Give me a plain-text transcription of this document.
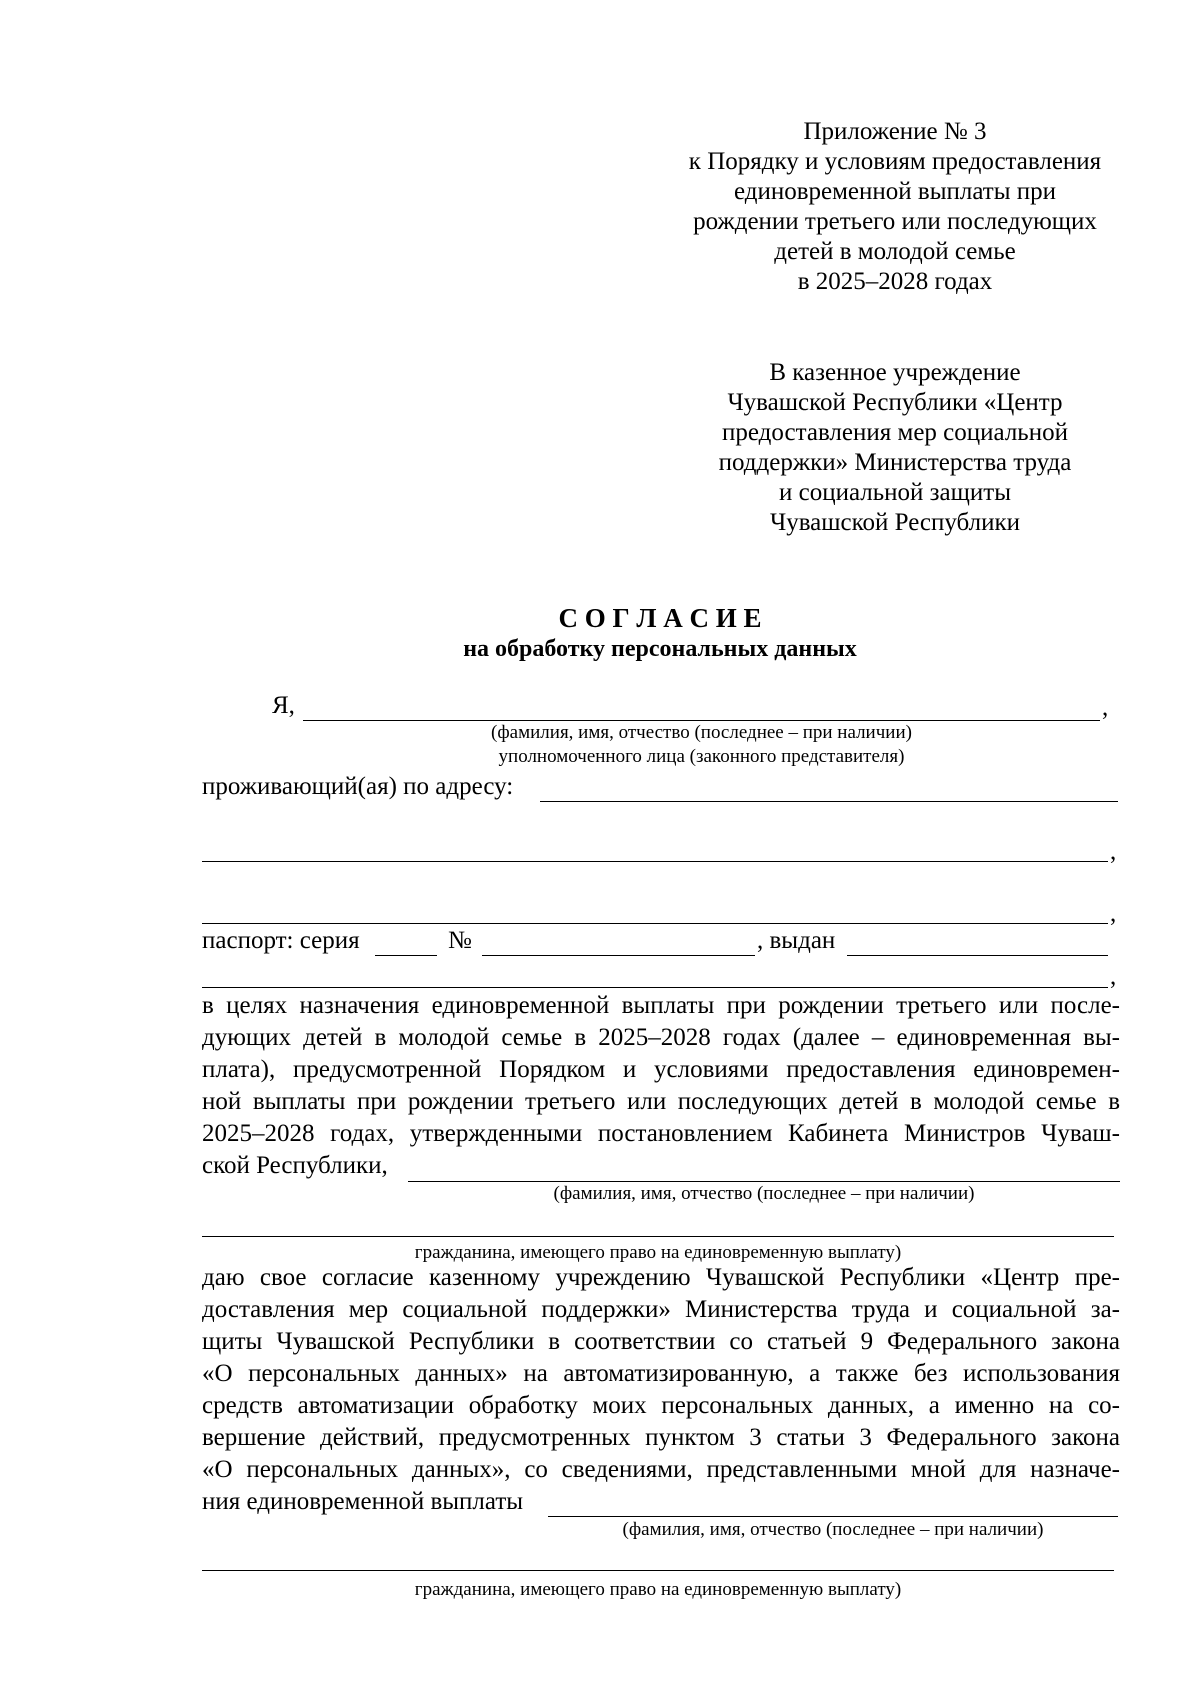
Приложение № 3
к Порядку и условиям предоставления
единовременной выплаты при
рождении третьего или последующих
детей в молодой семье
в 2025–2028 годах
В казенное учреждение
Чувашской Республики «Центр
предоставления мер социальной
поддержки» Министерства труда
и социальной защиты
Чувашской Республики
С О Г Л А С И Е
на обработку персональных данных
Я,	,
(фамилия, имя, отчество (последнее – при наличии)
уполномоченного лица (законного представителя)
проживающий(ая) по адресу:
,
,
паспорт: серия	№	, выдан
,
в целях назначения единовременной выплаты при рождении третьего или после-
дующих детей в молодой семье в 2025–2028 годах (далее – единовременная вы-
плата), предусмотренной Порядком и условиями предоставления единовремен-
ной выплаты при рождении третьего или последующих детей в молодой семье в
2025–2028 годах, утвержденными постановлением Кабинета Министров Чуваш-
ской Республики,
(фамилия, имя, отчество (последнее – при наличии)
гражданина, имеющего право на единовременную выплату)
даю свое согласие казенному учреждению Чувашской Республики «Центр пре-
доставления мер социальной поддержки» Министерства труда и социальной за-
щиты Чувашской Республики в соответствии со статьей 9 Федерального закона
«О персональных данных» на автоматизированную, а также без использования
средств автоматизации обработку моих персональных данных, а именно на со-
вершение действий, предусмотренных пунктом 3 статьи 3 Федерального закона
«О персональных данных», со сведениями, представленными мной для назначе-
ния единовременной выплаты
(фамилия, имя, отчество (последнее – при наличии)
гражданина, имеющего право на единовременную выплату)
